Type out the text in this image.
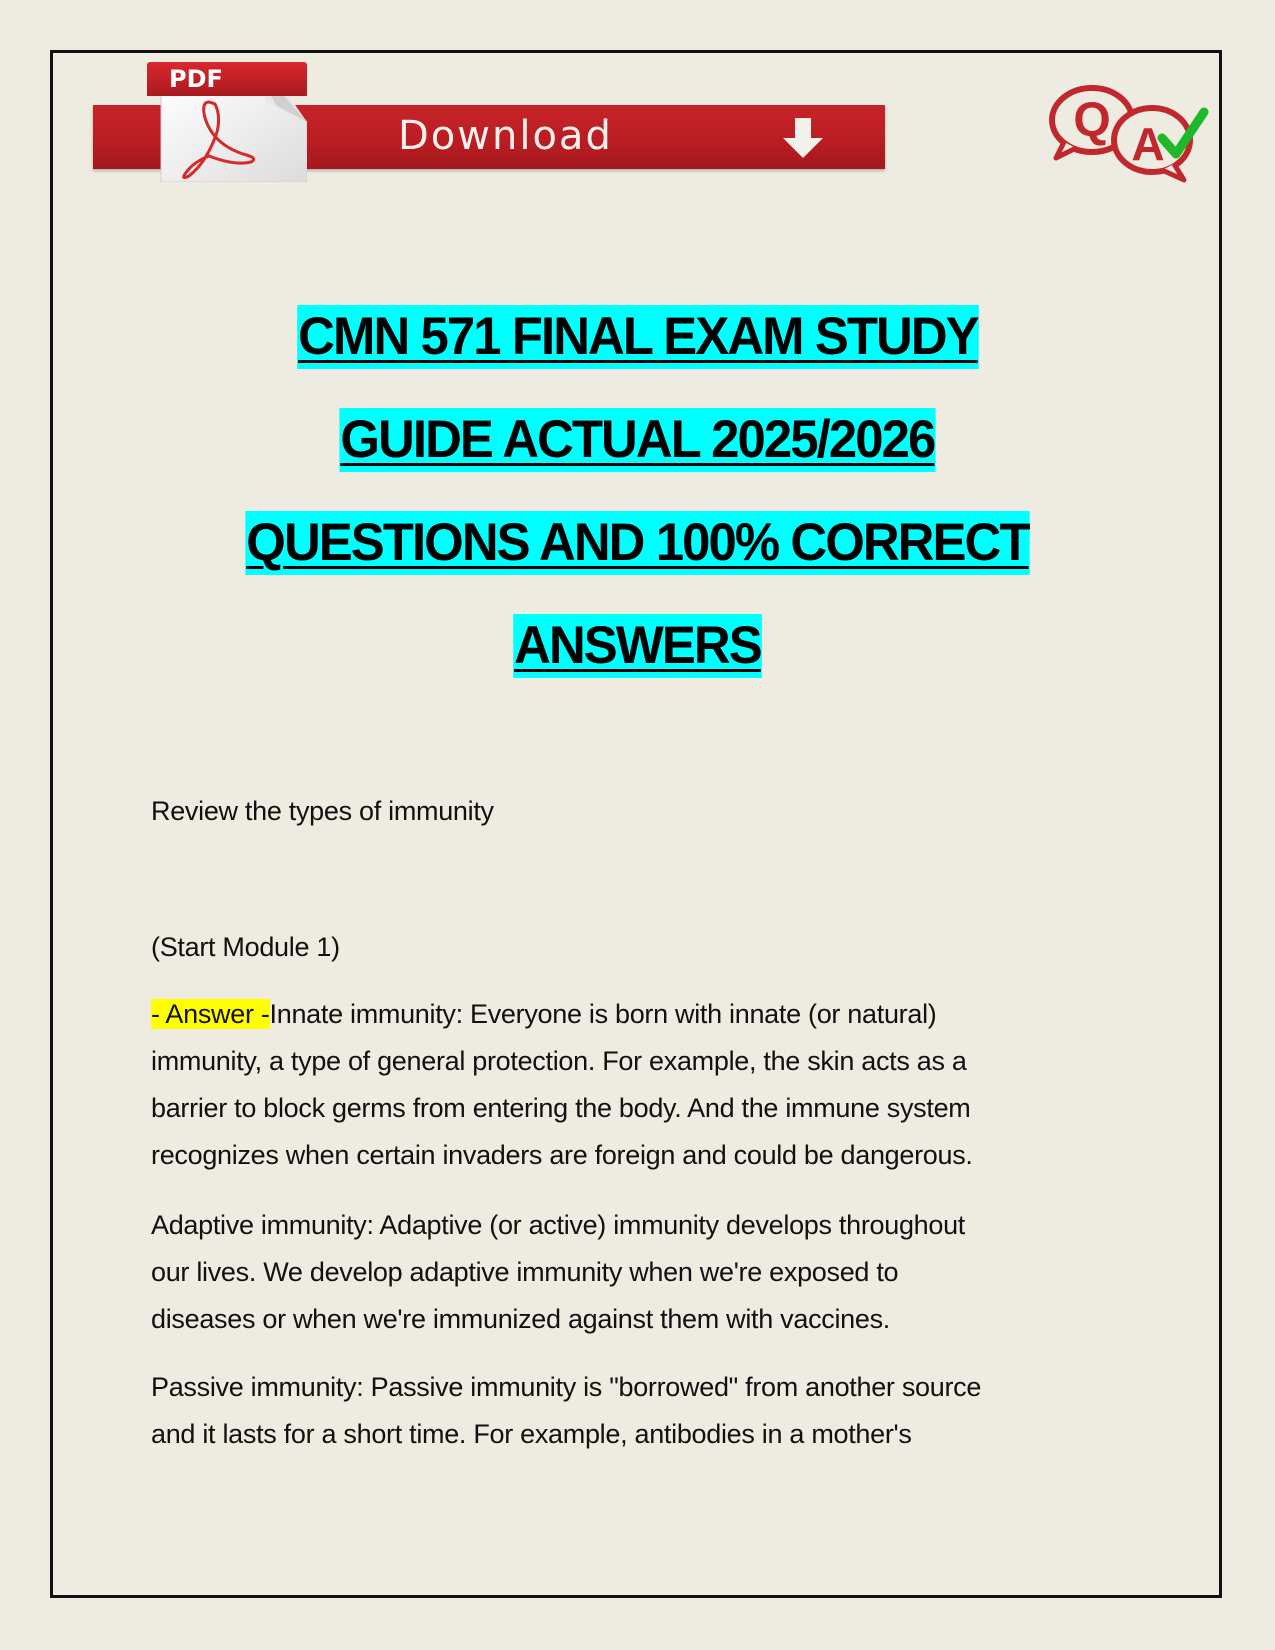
PDF
Download	Q A
CMN 571 FINAL EXAM STUDY
GUIDE ACTUAL 2025/2026
QUESTIONS AND 100% CORRECT
ANSWERS

Review the types of immunity

(Start Module 1)

- Answer -Innate immunity: Everyone is born with innate (or natural)

immunity, a type of general protection. For example, the skin acts as a

barrier to block germs from entering the body. And the immune system

recognizes when certain invaders are foreign and could be dangerous.

Adaptive immunity: Adaptive (or active) immunity develops throughout

our lives. We develop adaptive immunity when we're exposed to

diseases or when we're immunized against them with vaccines.

Passive immunity: Passive immunity is "borrowed" from another source

and it lasts for a short time. For example, antibodies in a mother's
